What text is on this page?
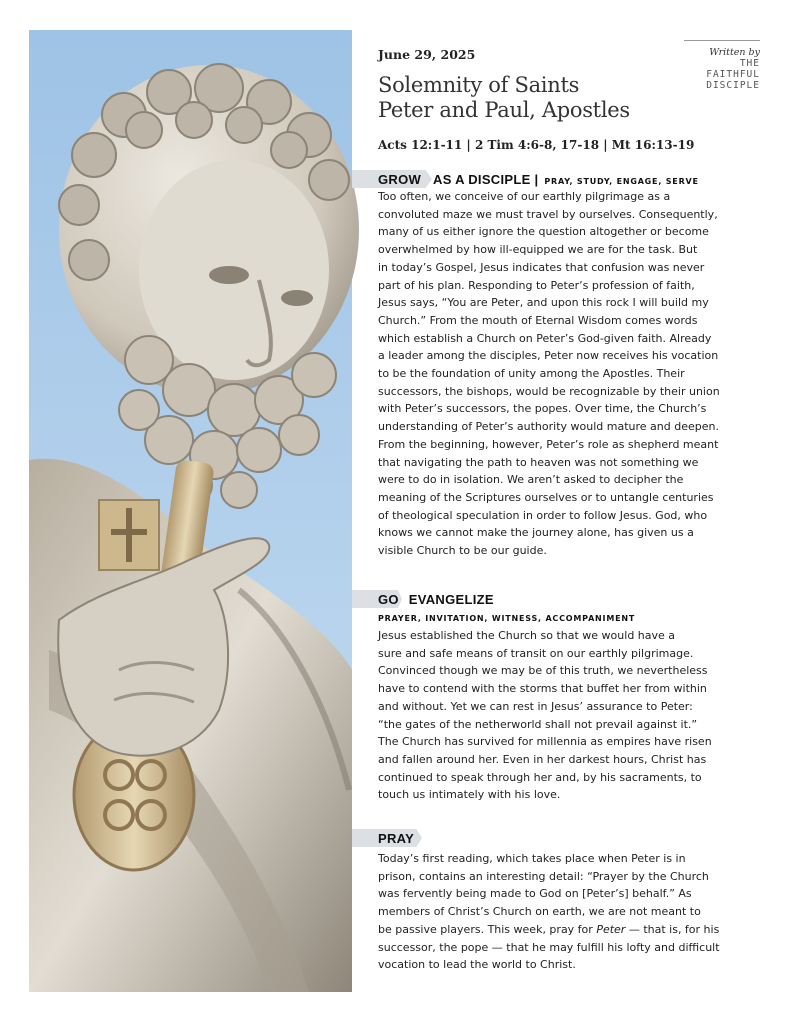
Getty Images / pxpexels
June 29, 2025
Solemnity of Saints
Peter and Paul, Apostles
Acts 12:1-11 | 2 Tim 4:6-8, 17-18 | Mt 16:13-19
Written by
THE
FAITHFUL
DISCIPLE
GROW AS A DISCIPLE | PRAY, STUDY, ENGAGE, SERVE
Too often, we conceive of our earthly pilgrimage as a
convoluted maze we must travel by ourselves. Consequently,
many of us either ignore the question altogether or become
overwhelmed by how ill-equipped we are for the task. But
in today’s Gospel, Jesus indicates that confusion was never
part of his plan. Responding to Peter’s profession of faith,
Jesus says, “You are Peter, and upon this rock I will build my
Church.” From the mouth of Eternal Wisdom comes words
which establish a Church on Peter’s God-given faith. Already
a leader among the disciples, Peter now receives his vocation
to be the foundation of unity among the Apostles. Their
successors, the bishops, would be recognizable by their union
with Peter’s successors, the popes. Over time, the Church’s
understanding of Peter’s authority would mature and deepen.
From the beginning, however, Peter’s role as shepherd meant
that navigating the path to heaven was not something we
were to do in isolation. We aren’t asked to decipher the
meaning of the Scriptures ourselves or to untangle centuries
of theological speculation in order to follow Jesus. God, who
knows we cannot make the journey alone, has given us a
visible Church to be our guide.
GO EVANGELIZE
PRAYER, INVITATION, WITNESS, ACCOMPANIMENT
Jesus established the Church so that we would have a
sure and safe means of transit on our earthly pilgrimage.
Convinced though we may be of this truth, we nevertheless
have to contend with the storms that buffet her from within
and without. Yet we can rest in Jesus’ assurance to Peter:
“the gates of the netherworld shall not prevail against it.”
The Church has survived for millennia as empires have risen
and fallen around her. Even in her darkest hours, Christ has
continued to speak through her and, by his sacraments, to
touch us intimately with his love.
PRAY
Today’s first reading, which takes place when Peter is in
prison, contains an interesting detail: “Prayer by the Church
was fervently being made to God on [Peter’s] behalf.” As
members of Christ’s Church on earth, we are not meant to
be passive players. This week, pray for Peter — that is, for his
successor, the pope — that he may fulfill his lofty and difficult
vocation to lead the world to Christ.
